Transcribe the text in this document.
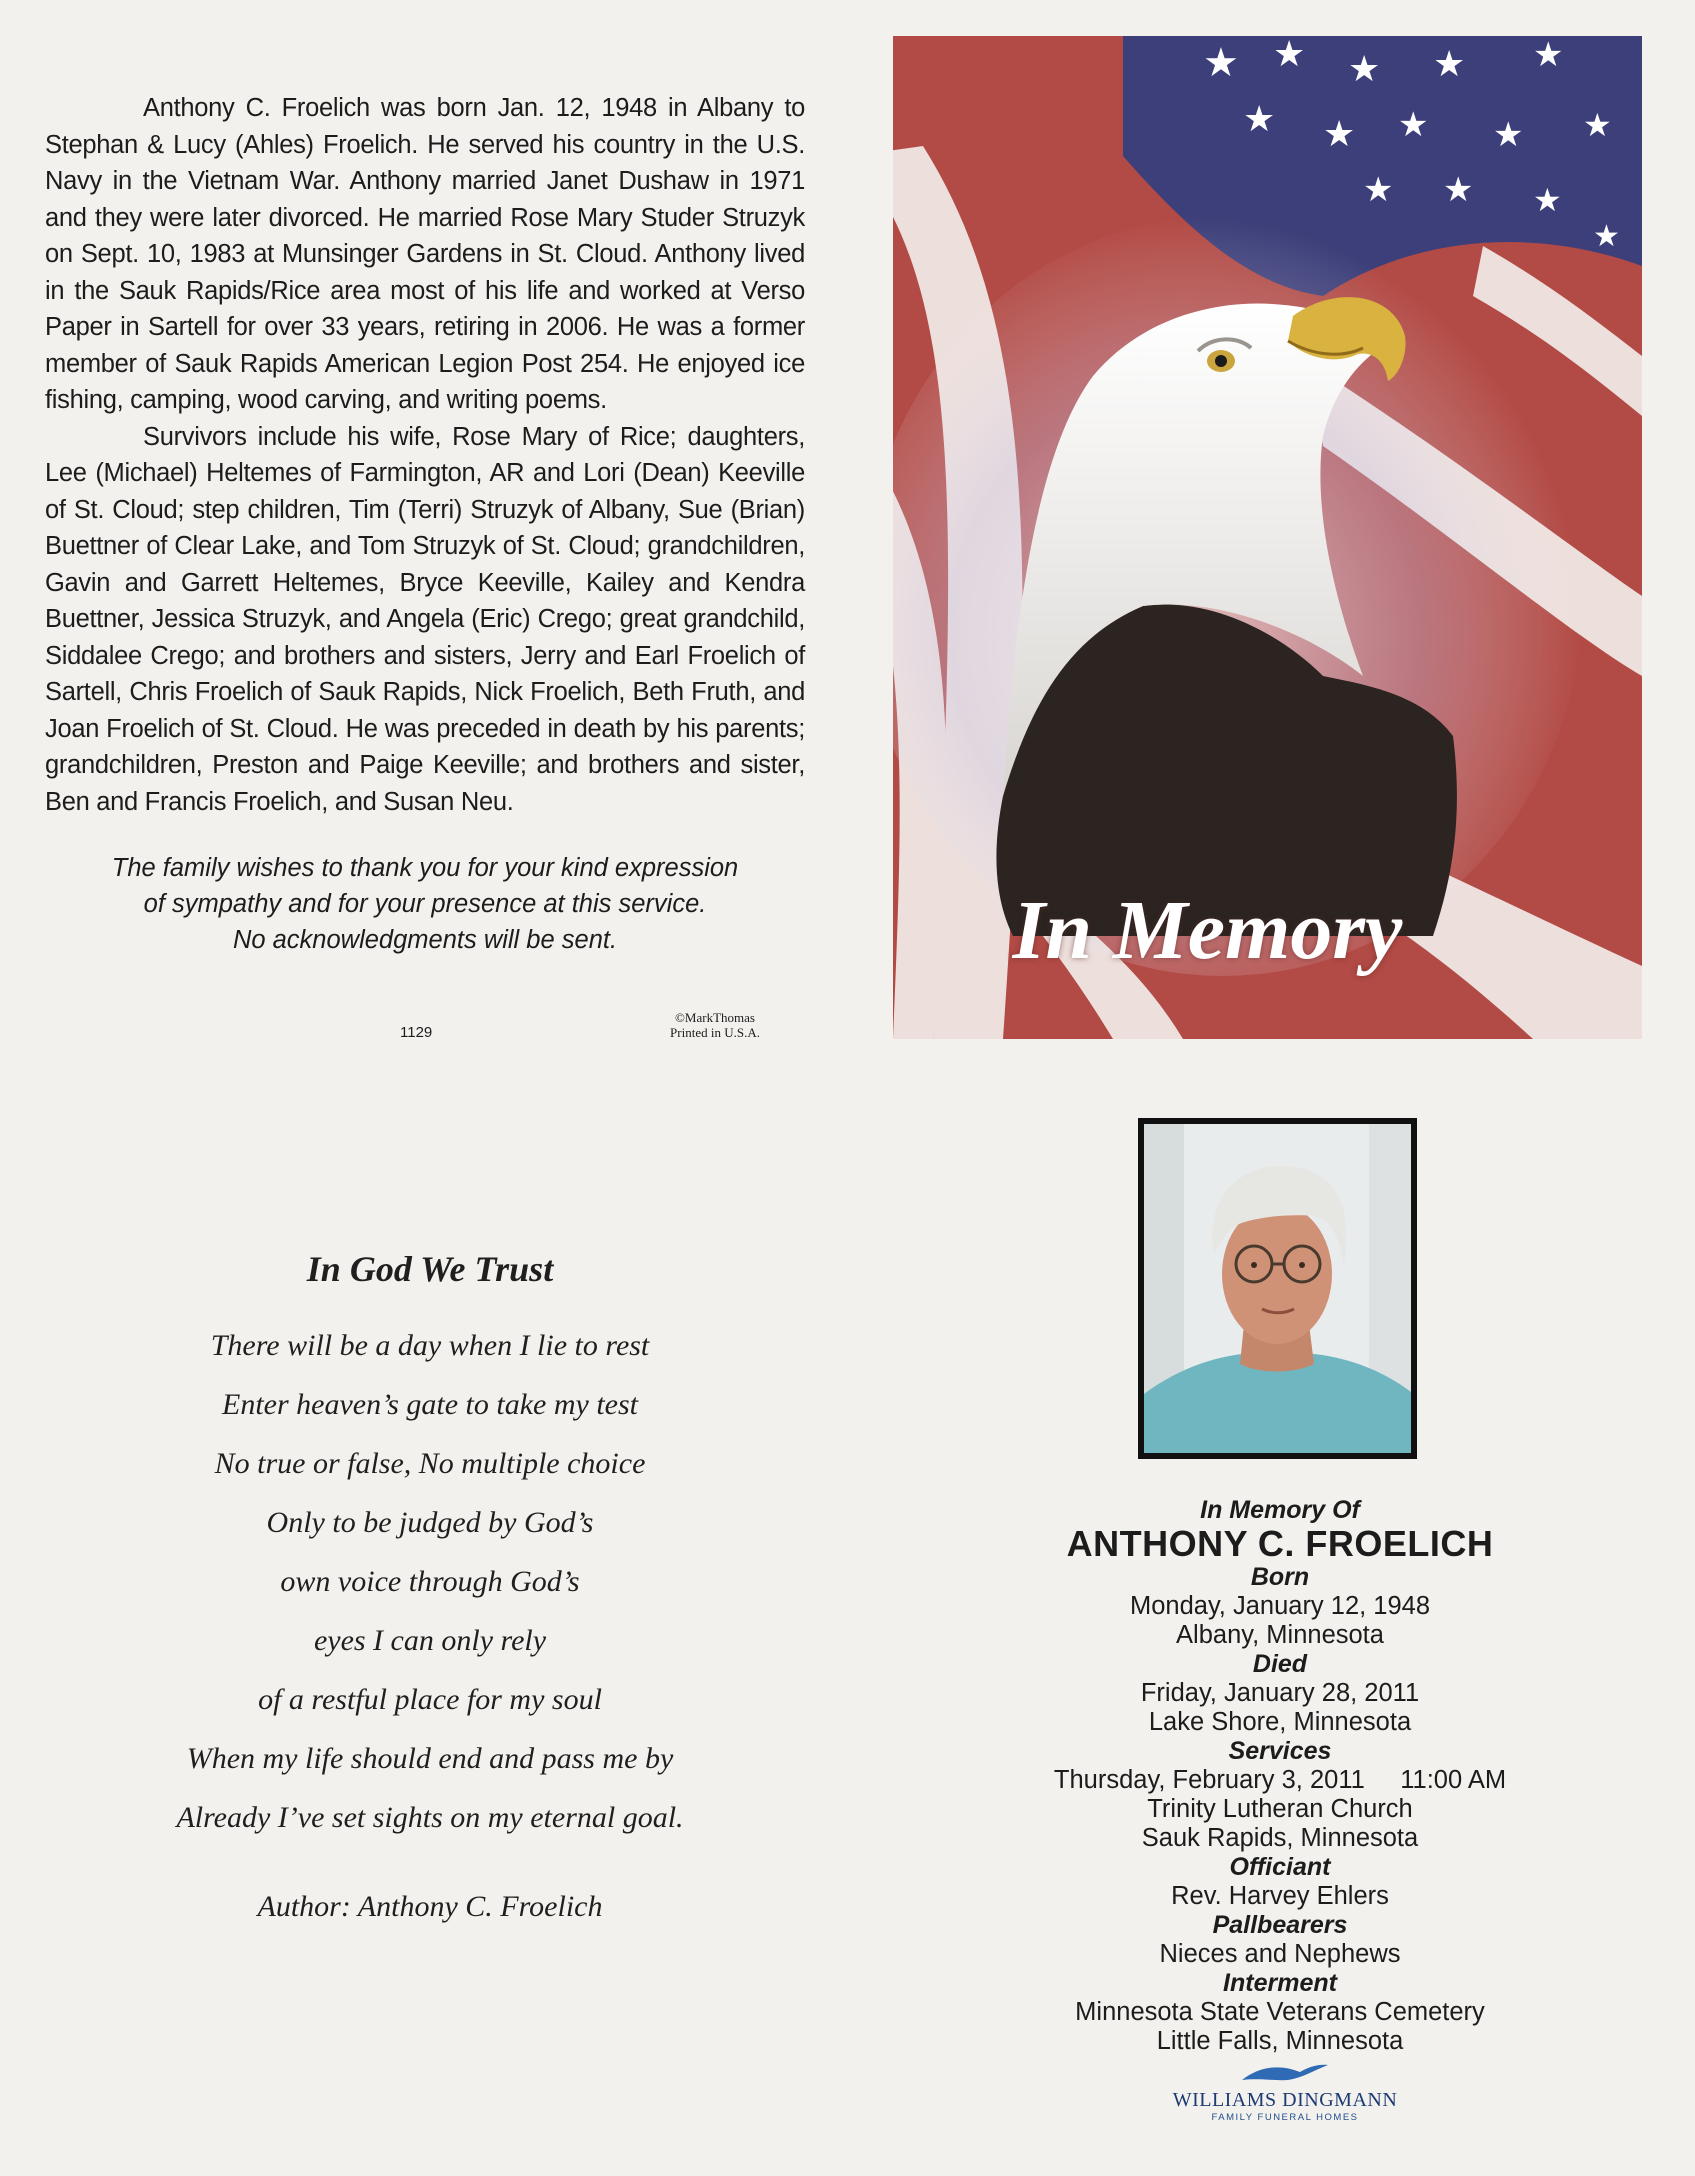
Anthony C. Froelich was born Jan. 12, 1948 in Albany to Stephan & Lucy (Ahles) Froelich. He served his country in the U.S. Navy in the Vietnam War. Anthony married Janet Dushaw in 1971 and they were later divorced. He married Rose Mary Studer Struzyk on Sept. 10, 1983 at Munsinger Gardens in St. Cloud. Anthony lived in the Sauk Rapids/Rice area most of his life and worked at Verso Paper in Sartell for over 33 years, retiring in 2006. He was a former member of Sauk Rapids American Legion Post 254. He enjoyed ice fishing, camping, wood carving, and writing poems.

Survivors include his wife, Rose Mary of Rice; daughters, Lee (Michael) Heltemes of Farmington, AR and Lori (Dean) Keeville of St. Cloud; step children, Tim (Terri) Struzyk of Albany, Sue (Brian) Buettner of Clear Lake, and Tom Struzyk of St. Cloud; grandchildren, Gavin and Garrett Heltemes, Bryce Keeville, Kailey and Kendra Buettner, Jessica Struzyk, and Angela (Eric) Crego; great grandchild, Siddalee Crego; and brothers and sisters, Jerry and Earl Froelich of Sartell, Chris Froelich of Sauk Rapids, Nick Froelich, Beth Fruth, and Joan Froelich of St. Cloud. He was preceded in death by his parents; grandchildren, Preston and Paige Keeville; and brothers and sister, Ben and Francis Froelich, and Susan Neu.

The family wishes to thank you for your kind expression
of sympathy and for your presence at this service.
No acknowledgments will be sent.
1129
©MarkThomas
Printed in U.S.A.
★ ★ ★ ★ ★
★ ★ ★ ★ ★
★ ★ ★
★
In Memory
In God We Trust
There will be a day when I lie to rest
Enter heaven’s gate to take my test
No true or false, No multiple choice
Only to be judged by God’s
own voice through God’s
eyes I can only rely
of a restful place for my soul
When my life should end and pass me by
Already I’ve set sights on my eternal goal.
Author: Anthony C. Froelich
In Memory Of
ANTHONY C. FROELICH
Born
Monday, January 12, 1948
Albany, Minnesota
Died
Friday, January 28, 2011
Lake Shore, Minnesota
Services
Thursday, February 3, 2011     11:00 AM
Trinity Lutheran Church
Sauk Rapids, Minnesota
Officiant
Rev. Harvey Ehlers
Pallbearers
Nieces and Nephews
Interment
Minnesota State Veterans Cemetery
Little Falls, Minnesota
WILLIAMS DINGMANN
FAMILY FUNERAL HOMES
